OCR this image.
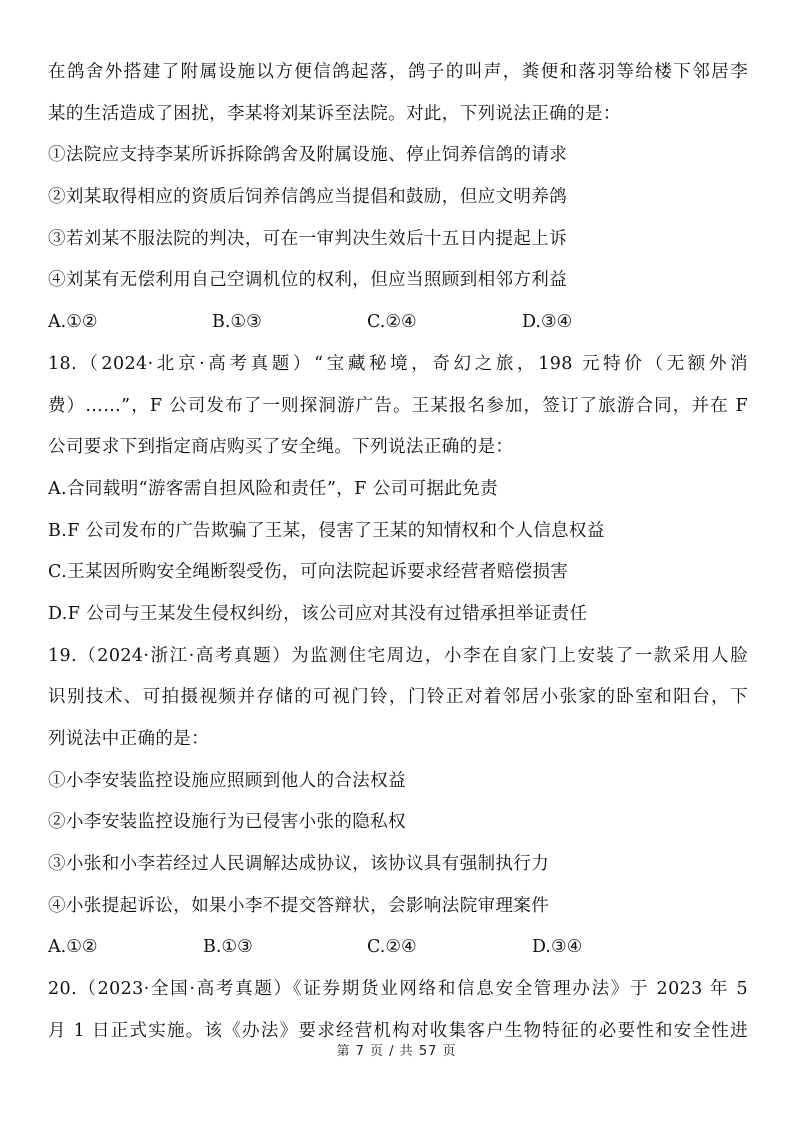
在鸽舍外搭建了附属设施以方便信鸽起落，鸽子的叫声，粪便和落羽等给楼下邻居李
某的生活造成了困扰，李某将刘某诉至法院。对此，下列说法正确的是：
①法院应支持李某所诉拆除鸽舍及附属设施、停止饲养信鸽的请求
②刘某取得相应的资质后饲养信鸽应当提倡和鼓励，但应文明养鸽
③若刘某不服法院的判决，可在一审判决生效后十五日内提起上诉
④刘某有无偿利用自己空调机位的权利，但应当照顾到相邻方利益
A.①②	B.①③	C.②④	D.③④
18.（2024·北京·高考真题）“宝藏秘境，奇幻之旅，198 元特价（无额外消
费）……”，F 公司发布了一则探洞游广告。王某报名参加，签订了旅游合同，并在 F
公司要求下到指定商店购买了安全绳。下列说法正确的是：
A.合同载明“游客需自担风险和责任”，F 公司可据此免责
B.F 公司发布的广告欺骗了王某，侵害了王某的知情权和个人信息权益
C.王某因所购安全绳断裂受伤，可向法院起诉要求经营者赔偿损害
D.F 公司与王某发生侵权纠纷，该公司应对其没有过错承担举证责任
19.（2024·浙江·高考真题）为监测住宅周边，小李在自家门上安装了一款采用人脸
识别技术、可拍摄视频并存储的可视门铃，门铃正对着邻居小张家的卧室和阳台，下
列说法中正确的是：
①小李安装监控设施应照顾到他人的合法权益
②小李安装监控设施行为已侵害小张的隐私权
③小张和小李若经过人民调解达成协议，该协议具有强制执行力
④小张提起诉讼，如果小李不提交答辩状，会影响法院审理案件
A.①②	B.①③	C.②④	D.③④
20.（2023·全国·高考真题）《证券期货业网络和信息安全管理办法》于 2023 年 5
月 1 日正式实施。该《办法》要求经营机构对收集客户生物特征的必要性和安全性进
第 7 页 / 共 57 页
